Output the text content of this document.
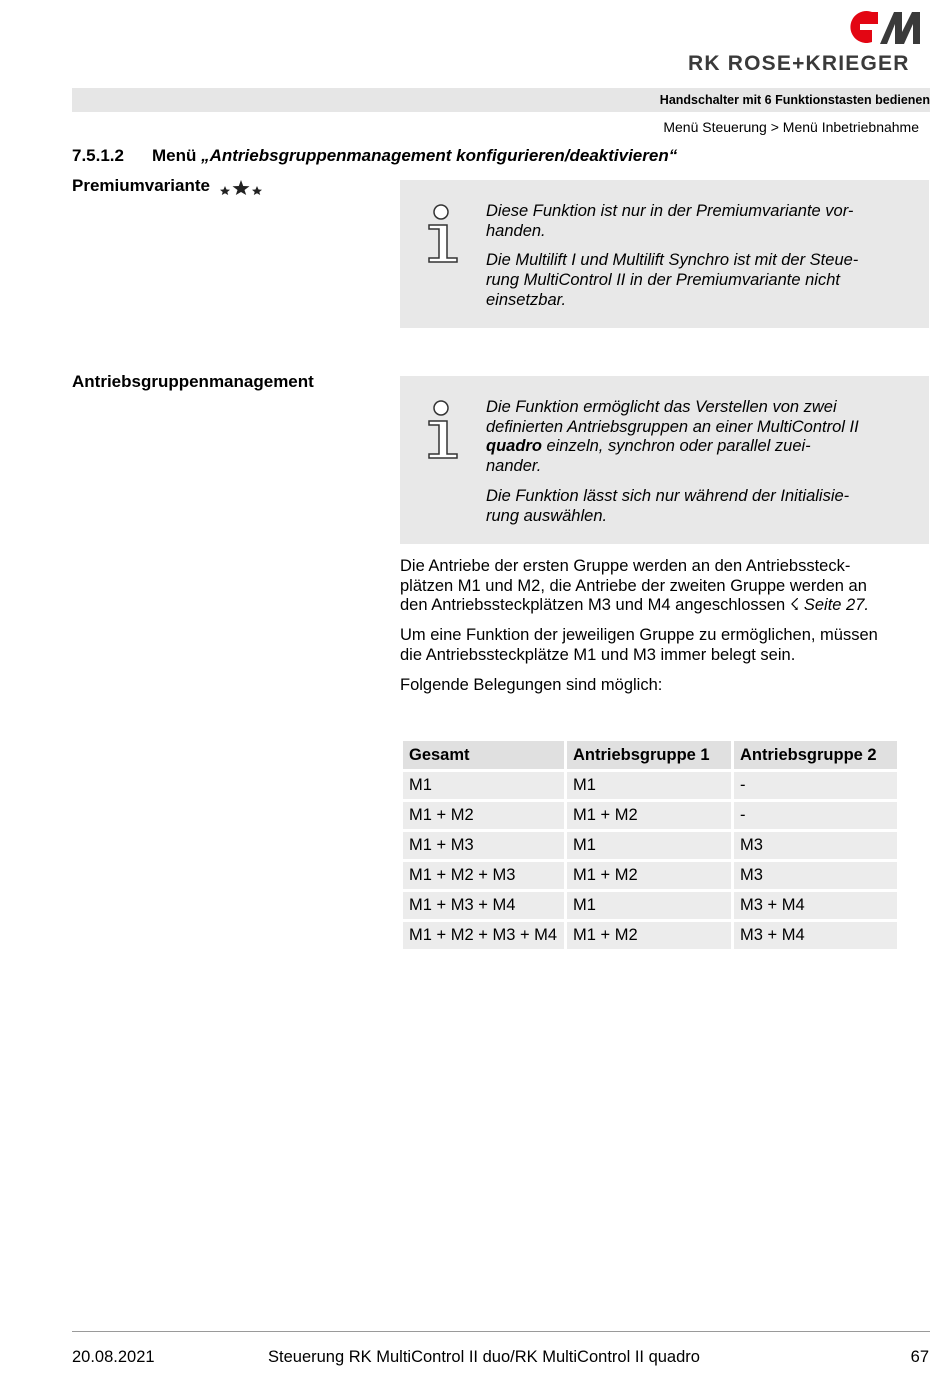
RK ROSE+KRIEGER
Handschalter mit 6 Funktionstasten bedienen
Menü Steuerung > Menü Inbetriebnahme
7.5.1.2 Menü „Antriebsgruppenmanagement konfigurieren/deaktivieren“
Premiumvariante

Diese Funktion ist nur in der Premiumvariante vor-
handen.

Die Multilift I und Multilift Synchro ist mit der Steue-
rung MultiControl II in der Premiumvariante nicht
einsetzbar.

Antriebsgruppenmanagement

Die Funktion ermöglicht das Verstellen von zwei
definierten Antriebsgruppen an einer MultiControl II
quadro einzeln, synchron oder parallel zuei-
nander.

Die Funktion lässt sich nur während der Initialisie-
rung auswählen.

Die Antriebe der ersten Gruppe werden an den Antriebssteck-
plätzen M1 und M2, die Antriebe der zweiten Gruppe werden an
den Antriebssteckplätzen M3 und M4 angeschlossen ☇ Seite 27.

Um eine Funktion der jeweiligen Gruppe zu ermöglichen, müssen
die Antriebssteckplätze M1 und M3 immer belegt sein.

Folgende Belegungen sind möglich:

Gesamt	Antriebsgruppe 1	Antriebsgruppe 2
M1	M1	-
M1 + M2	M1 + M2	-
M1 + M3	M1	M3
M1 + M2 + M3	M1 + M2	M3
M1 + M3 + M4	M1	M3 + M4
M1 + M2 + M3 + M4	M1 + M2	M3 + M4
20.08.2021	Steuerung RK MultiControl II duo/RK MultiControl II quadro	67
